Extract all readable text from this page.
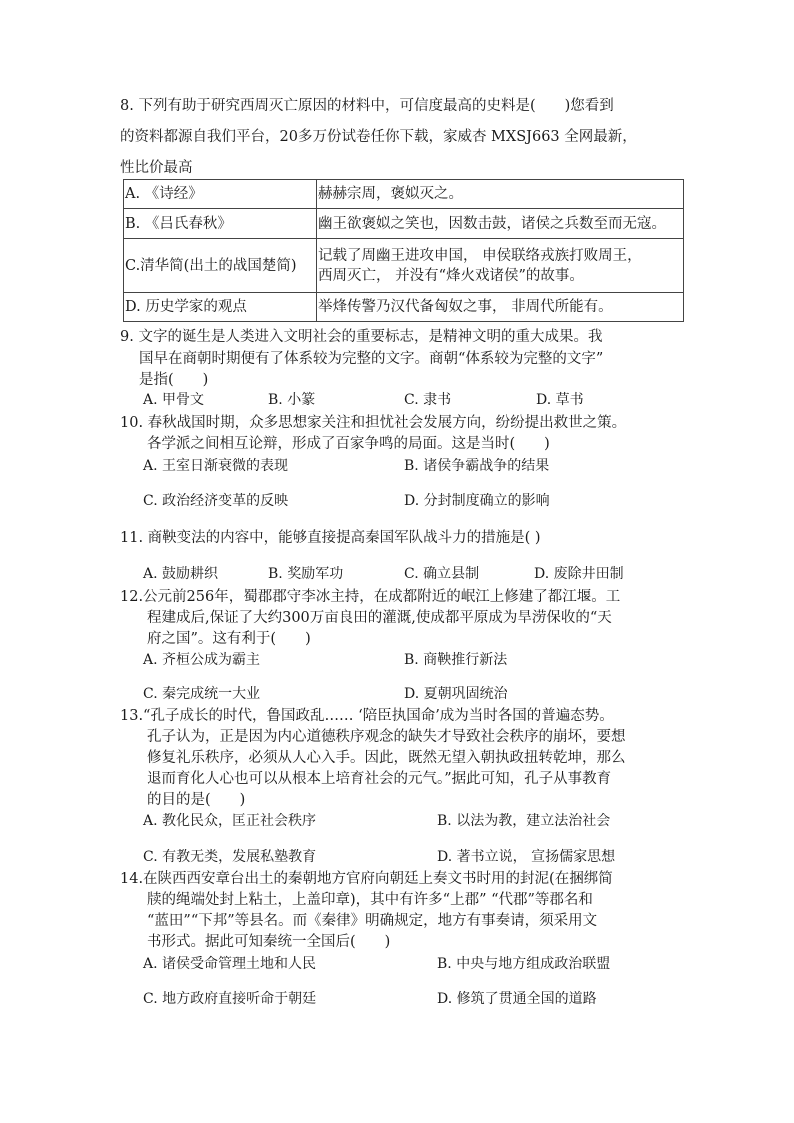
8. 下列有助于研究西周灭亡原因的材料中，可信度最高的史料是(　　)您看到
的资料都源自我们平台，20多万份试卷任你下载，家威杏 MXSJ663 全网最新，
性比价最高
A. 《诗经》	赫赫宗周，褒姒灭之。
B. 《吕氏春秋》	幽王欲褒姒之笑也，因数击鼓，诸侯之兵数至而无寇。
C.清华简(出土的战国楚简)	记载了周幽王进攻申国， 申侯联络戎族打败周王，
西周灭亡， 并没有“烽火戏诸侯”的故事。

D. 历史学家的观点	举烽传警乃汉代备匈奴之事， 非周代所能有。
9. 文字的诞生是人类进入文明社会的重要标志，是精神文明的重大成果。我
国早在商朝时期便有了体系较为完整的文字。商朝“体系较为完整的文字”
是指(　　)
A. 甲骨文	B. 小篆	C. 隶书	D. 草书
10. 春秋战国时期，众多思想家关注和担忧社会发展方向，纷纷提出救世之策。
各学派之间相互论辩，形成了百家争鸣的局面。这是当时(　　)
A. 王室日渐衰微的表现	B. 诸侯争霸战争的结果
C. 政治经济变革的反映	D. 分封制度确立的影响
11. 商鞅变法的内容中，能够直接提高秦国军队战斗力的措施是( )
A. 鼓励耕织	B. 奖励军功	C. 确立县制	D. 废除井田制
12.公元前256年，蜀郡郡守李冰主持，在成都附近的岷江上修建了都江堰。工
程建成后,保证了大约300万亩良田的灌溉,使成都平原成为旱涝保收的“天
府之国”。这有利于(　　)
A. 齐桓公成为霸主	B. 商鞅推行新法
C. 秦完成统一大业	D. 夏朝巩固统治
13.“孔子成长的时代，鲁国政乱…… ‘陪臣执国命’成为当时各国的普遍态势。
孔子认为，正是因为内心道德秩序观念的缺失才导致社会秩序的崩坏，要想
修复礼乐秩序，必须从人心入手。因此，既然无望入朝执政扭转乾坤，那么
退而育化人心也可以从根本上培育社会的元气。”据此可知，孔子从事教育
的目的是(　　)
A. 教化民众，匡正社会秩序	B. 以法为教，建立法治社会
C. 有教无类，发展私塾教育	D. 著书立说， 宣扬儒家思想
14.在陕西西安章台出土的秦朝地方官府向朝廷上奏文书时用的封泥(在捆绑简
牍的绳端处封上粘土，上盖印章)，其中有许多“上郡” “代郡”等郡名和
“蓝田”“下邦”等县名。而《秦律》明确规定，地方有事奏请，须采用文
书形式。据此可知秦统一全国后(　　)
A. 诸侯受命管理土地和人民	B. 中央与地方组成政治联盟
C. 地方政府直接听命于朝廷	D. 修筑了贯通全国的道路
